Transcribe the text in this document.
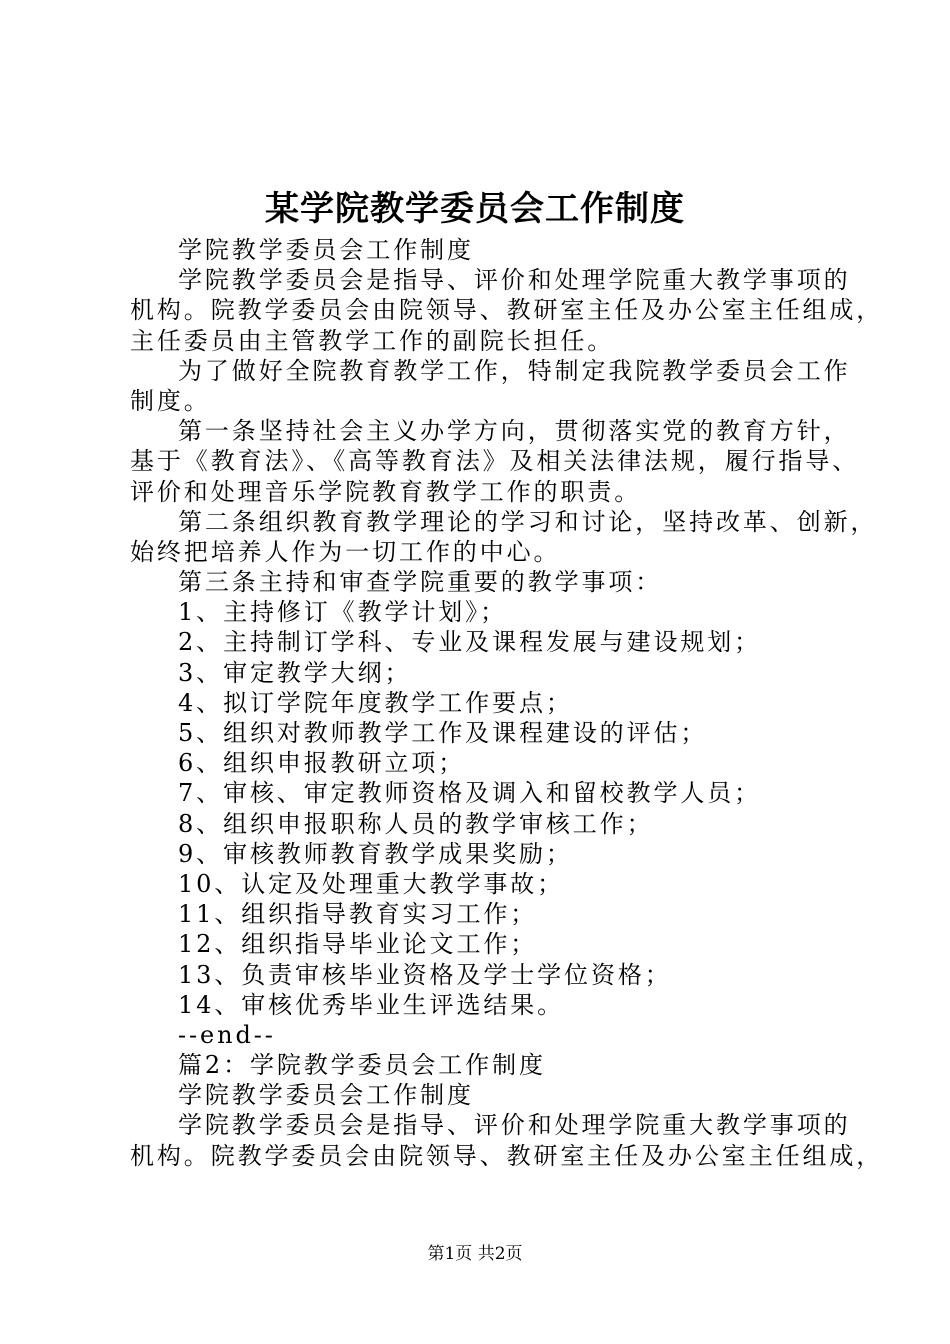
某学院教学委员会工作制度
学院教学委员会工作制度
学院教学委员会是指导、评价和处理学院重大教学事项的
机构。院教学委员会由院领导、教研室主任及办公室主任组成，
主任委员由主管教学工作的副院长担任。
为了做好全院教育教学工作，特制定我院教学委员会工作
制度。
第一条坚持社会主义办学方向，贯彻落实党的教育方针，
基于《教育法》、《高等教育法》及相关法律法规，履行指导、
评价和处理音乐学院教育教学工作的职责。
第二条组织教育教学理论的学习和讨论，坚持改革、创新，
始终把培养人作为一切工作的中心。
第三条主持和审查学院重要的教学事项：
1、主持修订《教学计划》；
2、主持制订学科、专业及课程发展与建设规划；
3、审定教学大纲；
4、拟订学院年度教学工作要点；
5、组织对教师教学工作及课程建设的评估；
6、组织申报教研立项；
7、审核、审定教师资格及调入和留校教学人员；
8、组织申报职称人员的教学审核工作；
9、审核教师教育教学成果奖励；
10、认定及处理重大教学事故；
11、组织指导教育实习工作；
12、组织指导毕业论文工作；
13、负责审核毕业资格及学士学位资格；
14、审核优秀毕业生评选结果。
--end--
篇2：学院教学委员会工作制度
学院教学委员会工作制度
学院教学委员会是指导、评价和处理学院重大教学事项的
机构。院教学委员会由院领导、教研室主任及办公室主任组成，
第1页 共2页
